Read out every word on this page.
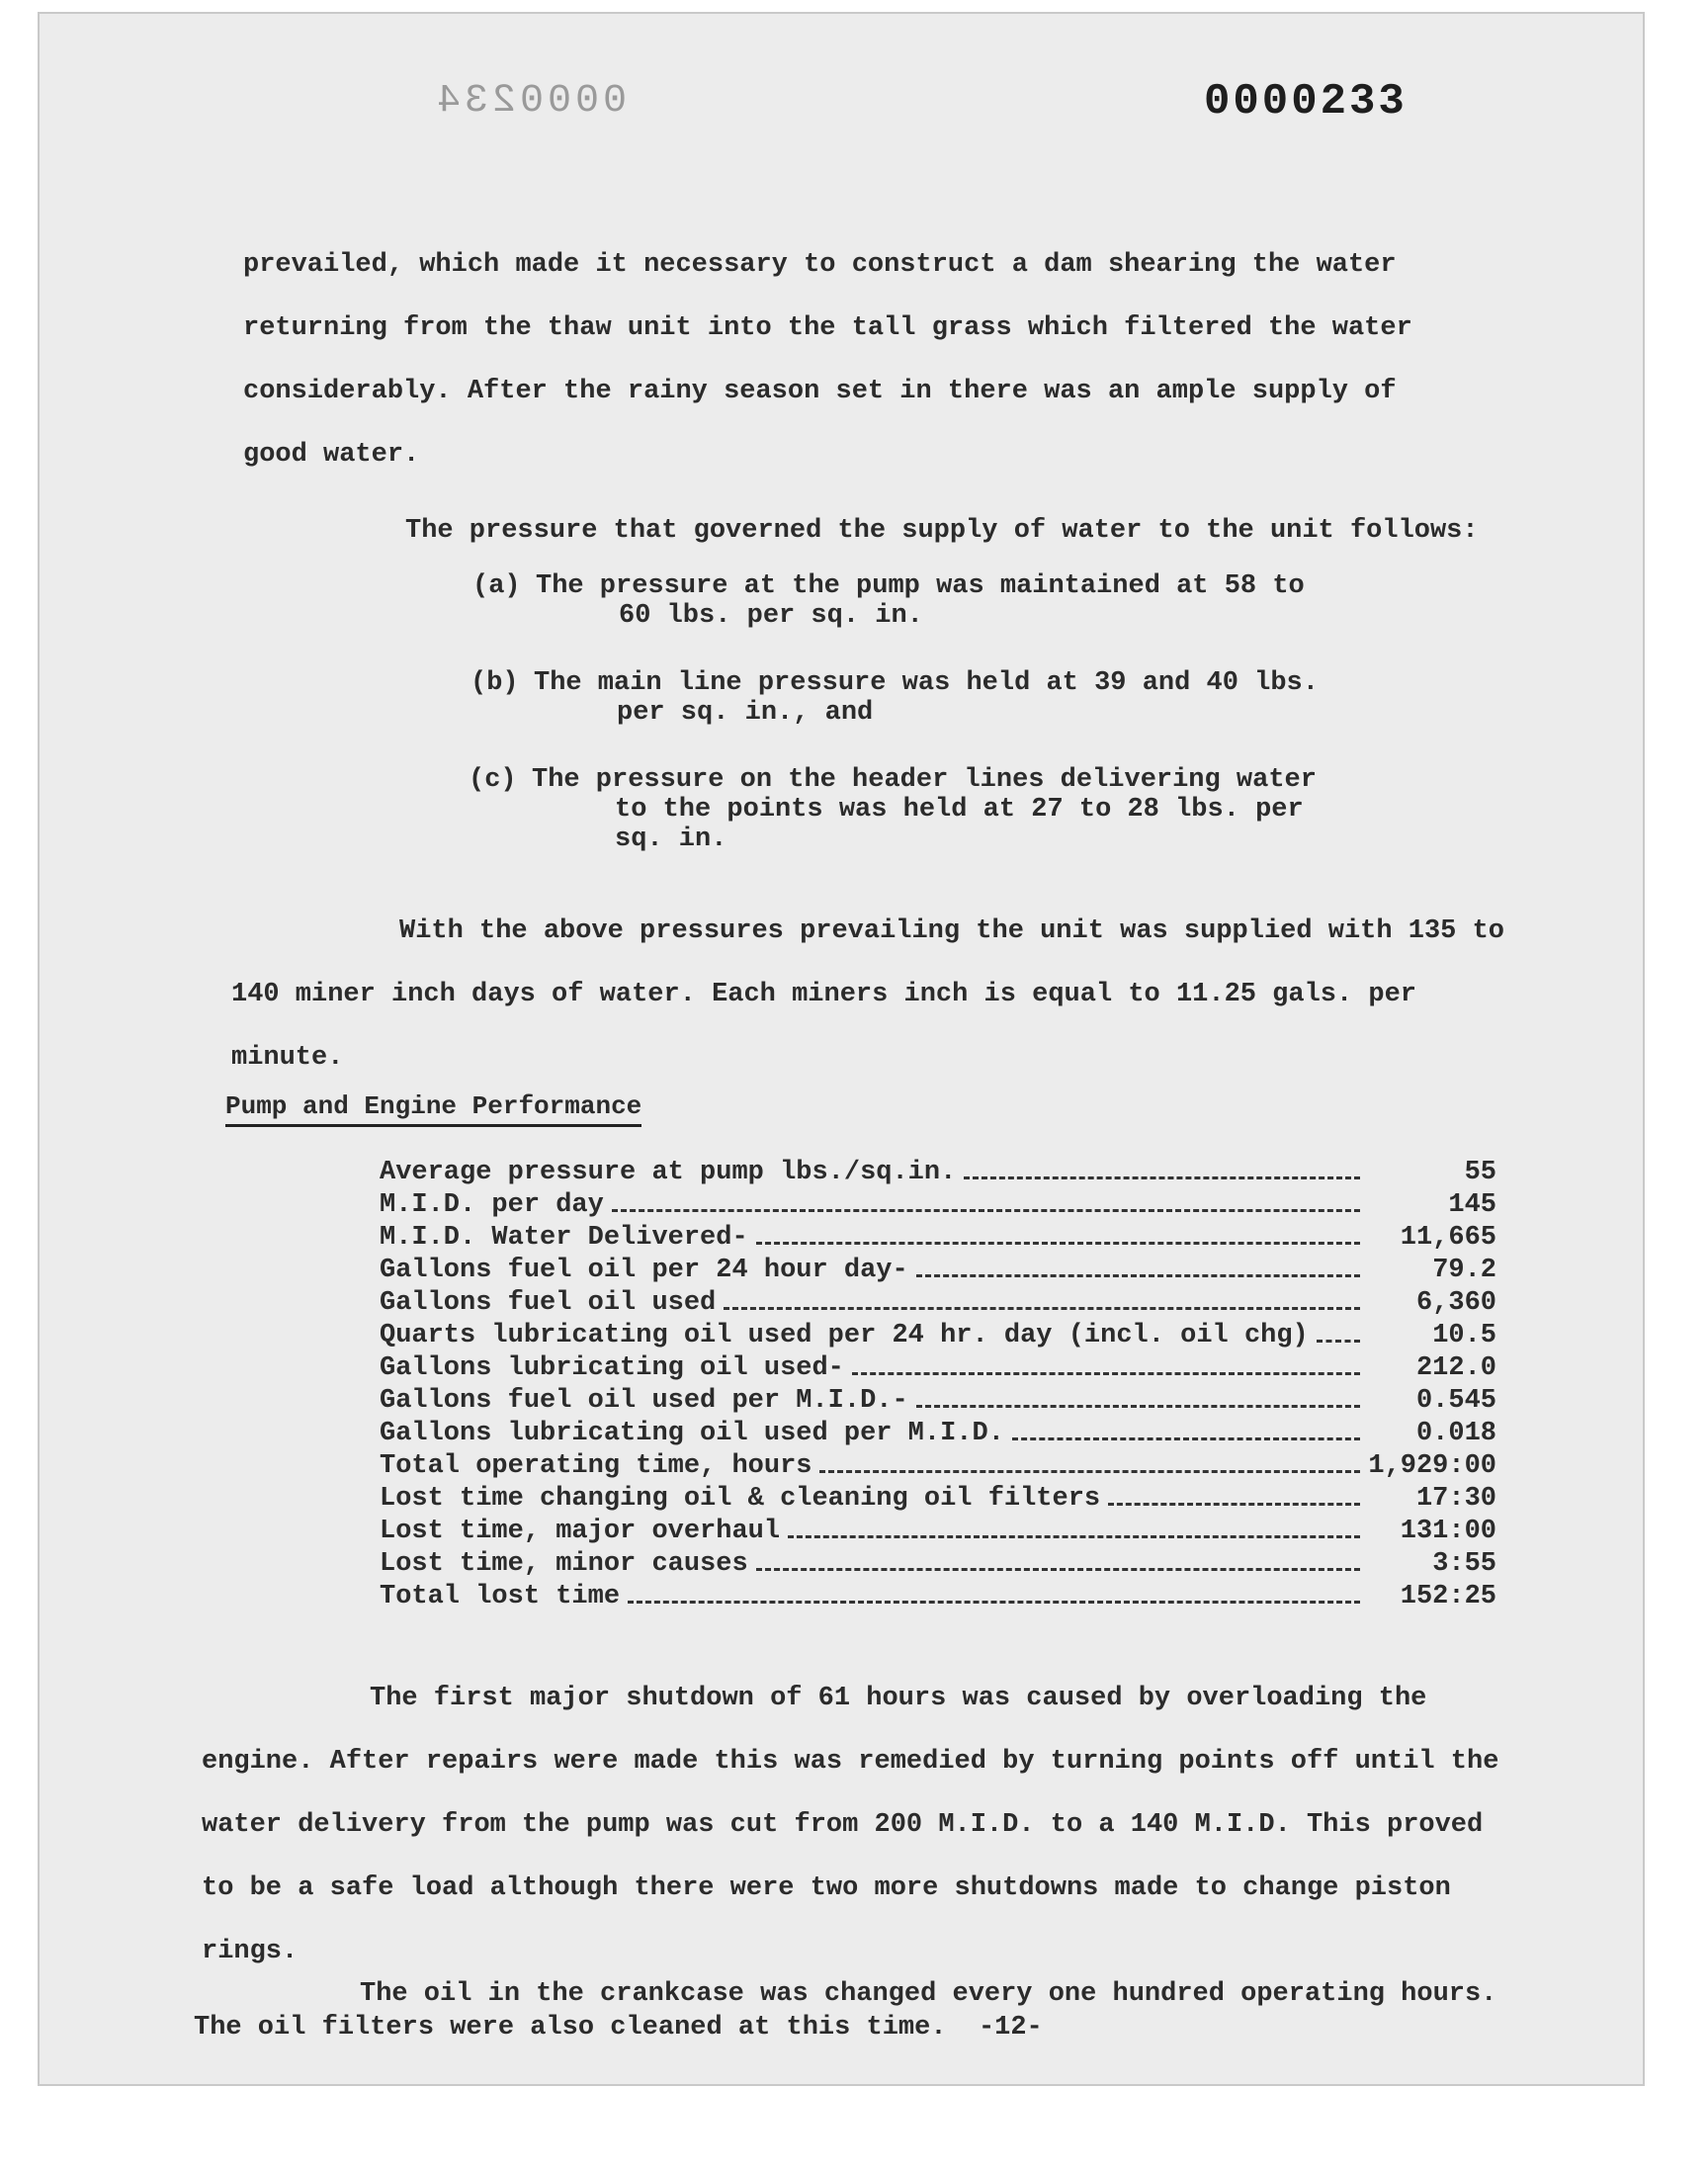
0000234	0000233

prevailed, which made it necessary to construct a dam shearing the water returning from the thaw unit into the tall grass which filtered the water considerably. After the rainy season set in there was an ample supply of good water.

The pressure that governed the supply of water to the unit follows:

(a) The pressure at the pump was maintained at 58 to
60 lbs. per sq. in.
(b) The main line pressure was held at 39 and 40 lbs.
per sq. in., and
(c) The pressure on the header lines delivering water
to the points was held at 27 to 28 lbs. per sq. in.

With the above pressures prevailing the unit was supplied with 135 to 140 miner inch days of water. Each miners inch is equal to 11.25 gals. per minute.

Pump and Engine Performance
Average pressure at pump lbs./sq.in.	55
M.I.D. per day	145
M.I.D. Water Delivered-	11,665
Gallons fuel oil per 24 hour day-	79.2
Gallons fuel oil used	6,360
Quarts lubricating oil used per 24 hr. day (incl. oil chg)	10.5
Gallons lubricating oil used-	212.0
Gallons fuel oil used per M.I.D.-	0.545
Gallons lubricating oil used per M.I.D.	0.018
Total operating time, hours	1,929:00
Lost time changing oil & cleaning oil filters	17:30
Lost time, major overhaul	131:00
Lost time, minor causes	3:55
Total lost time	152:25

The first major shutdown of 61 hours was caused by overloading the engine. After repairs were made this was remedied by turning points off until the water delivery from the pump was cut from 200 M.I.D. to a 140 M.I.D. This proved to be a safe load although there were two more shutdowns made to change piston rings.

The oil in the crankcase was changed every one hundred operating hours. The oil filters were also cleaned at this time. -12-
